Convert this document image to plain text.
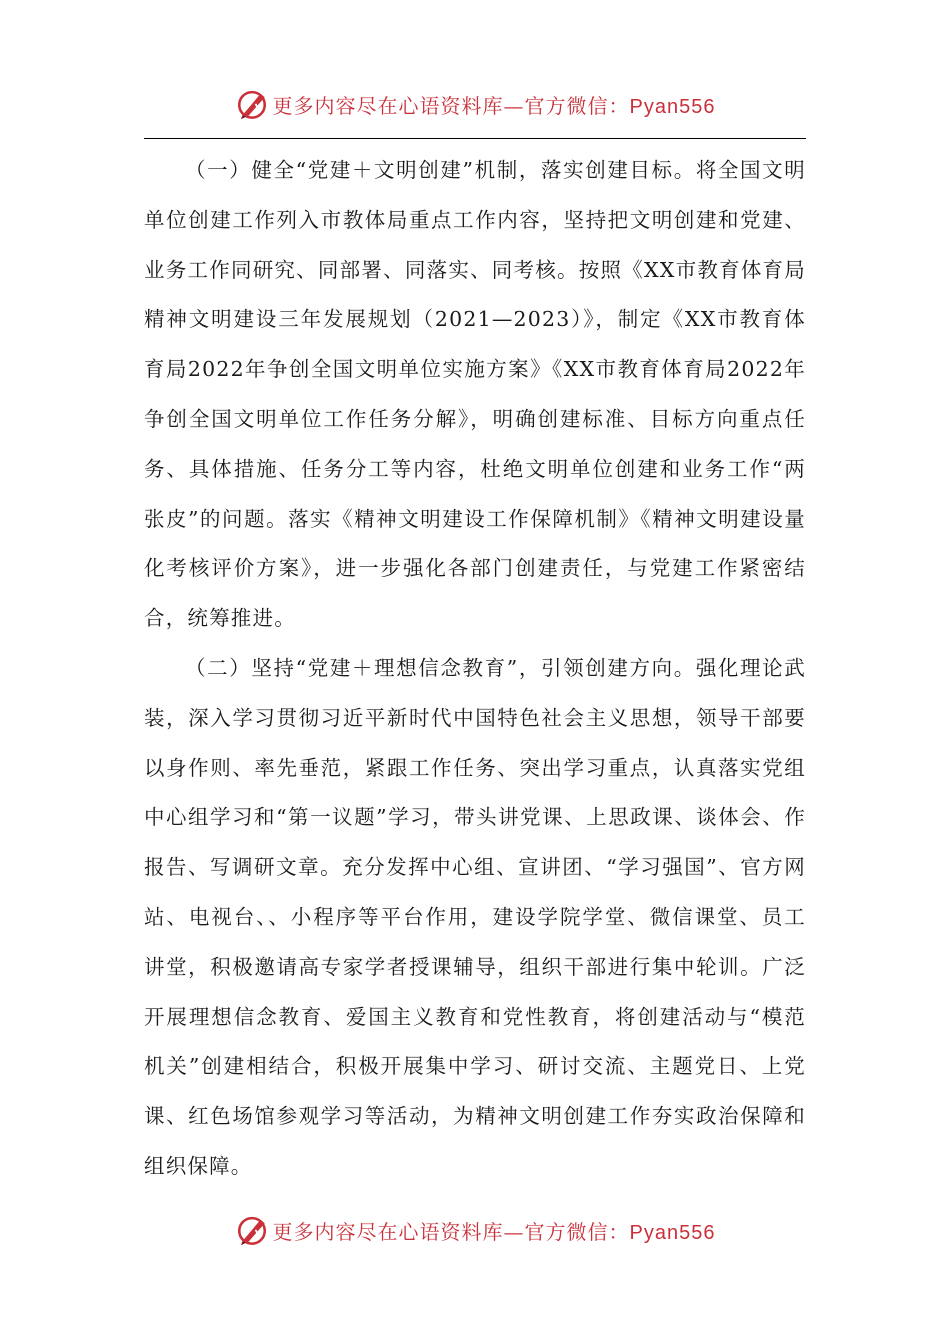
更多内容尽在心语资料库—官方微信：Pyan556

（一）健全“党建＋文明创建”机制，落实创建目标。将全国文明单位创建工作列入市教体局重点工作内容，坚持把文明创建和党建、业务工作同研究、同部署、同落实、同考核。按照《XX市教育体育局精神文明建设三年发展规划（2021—2023）》，制定《XX市教育体育局2022年争创全国文明单位实施方案》《XX市教育体育局2022年争创全国文明单位工作任务分解》，明确创建标准、目标方向重点任务、具体措施、任务分工等内容，杜绝文明单位创建和业务工作“两张皮”的问题。落实《精神文明建设工作保障机制》《精神文明建设量化考核评价方案》，进一步强化各部门创建责任，与党建工作紧密结合，统筹推进。

（二）坚持“党建＋理想信念教育”，引领创建方向。强化理论武装，深入学习贯彻习近平新时代中国特色社会主义思想，领导干部要以身作则、率先垂范，紧跟工作任务、突出学习重点，认真落实党组中心组学习和“第一议题”学习，带头讲党课、上思政课、谈体会、作报告、写调研文章。充分发挥中心组、宣讲团、“学习强国”、官方网站、电视台、、小程序等平台作用，建设学院学堂、微信课堂、员工讲堂，积极邀请高专家学者授课辅导，组织干部进行集中轮训。广泛开展理想信念教育、爱国主义教育和党性教育，将创建活动与“模范机关”创建相结合，积极开展集中学习、研讨交流、主题党日、上党课、红色场馆参观学习等活动，为精神文明创建工作夯实政治保障和组织保障。

更多内容尽在心语资料库—官方微信：Pyan556
